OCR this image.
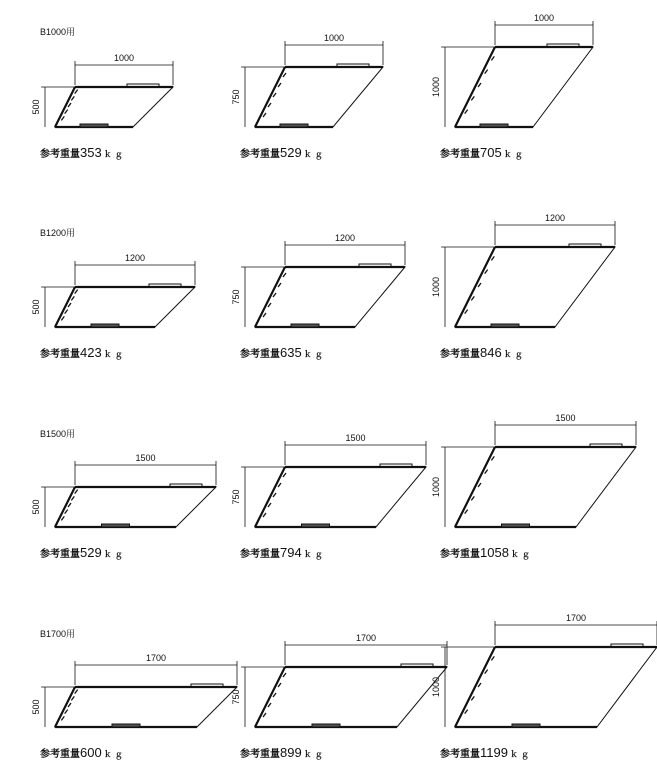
B1000用
1000
500
参考重量353 ｋｇ
1000
750
参考重量529 ｋｇ
1000
1000
参考重量705 ｋｇ
B1200用
1200
500
参考重量423 ｋｇ
1200
750
参考重量635 ｋｇ
1200
1000
参考重量846 ｋｇ
B1500用
1500
500
参考重量529 ｋｇ
1500
750
参考重量794 ｋｇ
1500
1000
参考重量1058 ｋｇ
B1700用
1700
500
参考重量600 ｋｇ
1700
750
参考重量899 ｋｇ
1700
1000
参考重量1199 ｋｇ
